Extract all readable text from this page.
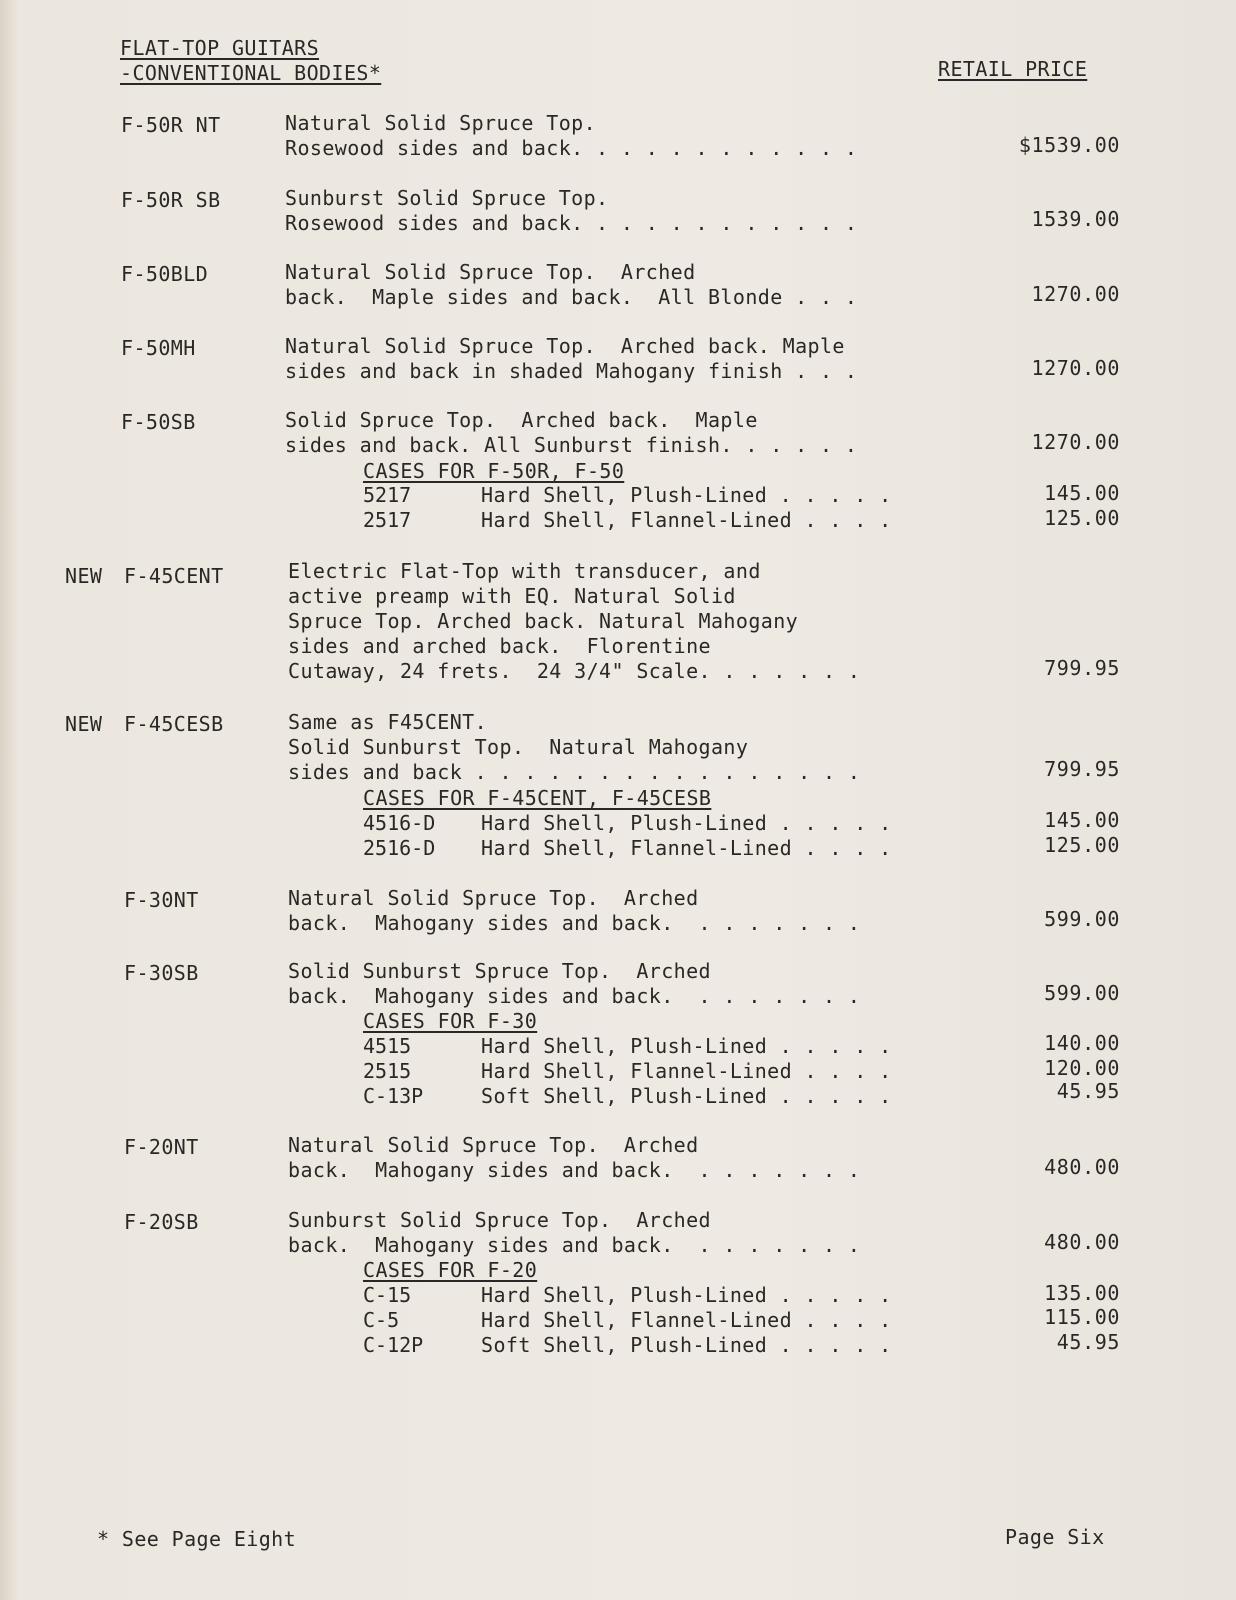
FLAT-TOP GUITARS
-CONVENTIONAL BODIES*	RETAIL PRICE
F-50R NT	Natural Solid Spruce Top.
Rosewood sides and back. . . . . . . . . . . .	$1539.00
F-50R SB	Sunburst Solid Spruce Top.
Rosewood sides and back. . . . . . . . . . . .	1539.00
F-50BLD	Natural Solid Spruce Top.  Arched
back.  Maple sides and back.  All Blonde . . .	1270.00
F-50MH	Natural Solid Spruce Top.  Arched back. Maple
sides and back in shaded Mahogany finish . . .	1270.00
F-50SB	Solid Spruce Top.  Arched back.  Maple
sides and back. All Sunburst finish. . . . . .	1270.00
CASES FOR F-50R, F-50
5217	Hard Shell, Plush-Lined . . . . .	145.00
2517	Hard Shell, Flannel-Lined . . . .	125.00
NEW F-45CENT	Electric Flat-Top with transducer, and
active preamp with EQ. Natural Solid
Spruce Top. Arched back. Natural Mahogany
sides and arched back.  Florentine
Cutaway, 24 frets.  24 3/4" Scale. . . . . . .	799.95
NEW F-45CESB	Same as F45CENT.
Solid Sunburst Top.  Natural Mahogany
sides and back . . . . . . . . . . . . . . . .	799.95
CASES FOR F-45CENT, F-45CESB
4516-D Hard Shell, Plush-Lined . . . . .	145.00
2516-D Hard Shell, Flannel-Lined . . . .	125.00
F-30NT	Natural Solid Spruce Top.  Arched
back.  Mahogany sides and back.  . . . . . . .	599.00
F-30SB	Solid Sunburst Spruce Top.  Arched
back.  Mahogany sides and back.  . . . . . . .	599.00
CASES FOR F-30
4515	Hard Shell, Plush-Lined . . . . .	140.00
2515	Hard Shell, Flannel-Lined . . . .	120.00
C-13P	Soft Shell, Plush-Lined . . . . .	45.95
F-20NT	Natural Solid Spruce Top.  Arched
back.  Mahogany sides and back.  . . . . . . .	480.00
F-20SB	Sunburst Solid Spruce Top.  Arched
back.  Mahogany sides and back.  . . . . . . .	480.00
CASES FOR F-20
C-15	Hard Shell, Plush-Lined . . . . .	135.00
C-5	Hard Shell, Flannel-Lined . . . .	115.00
C-12P	Soft Shell, Plush-Lined . . . . .	45.95
* See Page Eight	Page Six
